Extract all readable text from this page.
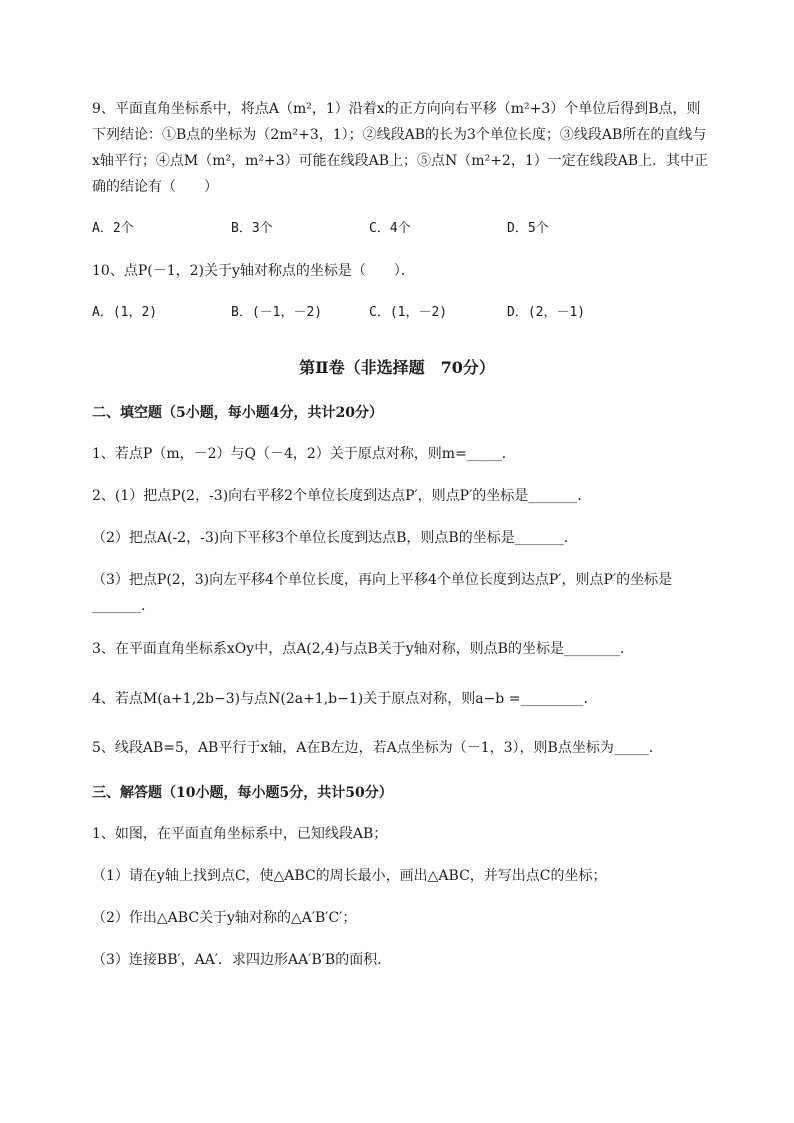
9、平面直角坐标系中，将点A（m²，1）沿着x的正方向向右平移（m²+3）个单位后得到B点，则
下列结论：①B点的坐标为（2m²+3，1）；②线段AB的长为3个单位长度；③线段AB所在的直线与
x轴平行；④点M（m²，m²+3）可能在线段AB上；⑤点N（m²+2，1）一定在线段AB上．其中正
确的结论有（　　）
A．2个	B．3个	C．4个	D．5个
10、点P(－1，2)关于y轴对称点的坐标是（　　）．
A．(1，2)	B．(－1，－2)	C．(1，－2)	D．(2，－1)
第Ⅱ卷（非选择题　70分）
二、填空题（5小题，每小题4分，共计20分）
1、若点P（m，－2）与Q（－4，2）关于原点对称，则m=_____．
2、(1）把点P(2，-3)向右平移2个单位长度到达点P′，则点P′的坐标是_______．
（2）把点A(-2，-3)向下平移3个单位长度到达点B，则点B的坐标是_______．
（3）把点P(2，3)向左平移4个单位长度，再向上平移4个单位长度到达点P′，则点P′的坐标是
_______．
3、在平面直角坐标系xOy中，点A(2,4)与点B关于y轴对称，则点B的坐标是________．
4、若点M(a+1,2b−3)与点N(2a+1,b−1)关于原点对称，则a−b =_________．
5、线段AB=5，AB平行于x轴，A在B左边，若A点坐标为（－1，3），则B点坐标为_____．
三、解答题（10小题，每小题5分，共计50分）
1、如图，在平面直角坐标系中，已知线段AB；
（1）请在y轴上找到点C，使△ABC的周长最小，画出△ABC，并写出点C的坐标；
（2）作出△ABC关于y轴对称的△A′B′C′；
（3）连接BB′，AA′．求四边形AA′B′B的面积．
